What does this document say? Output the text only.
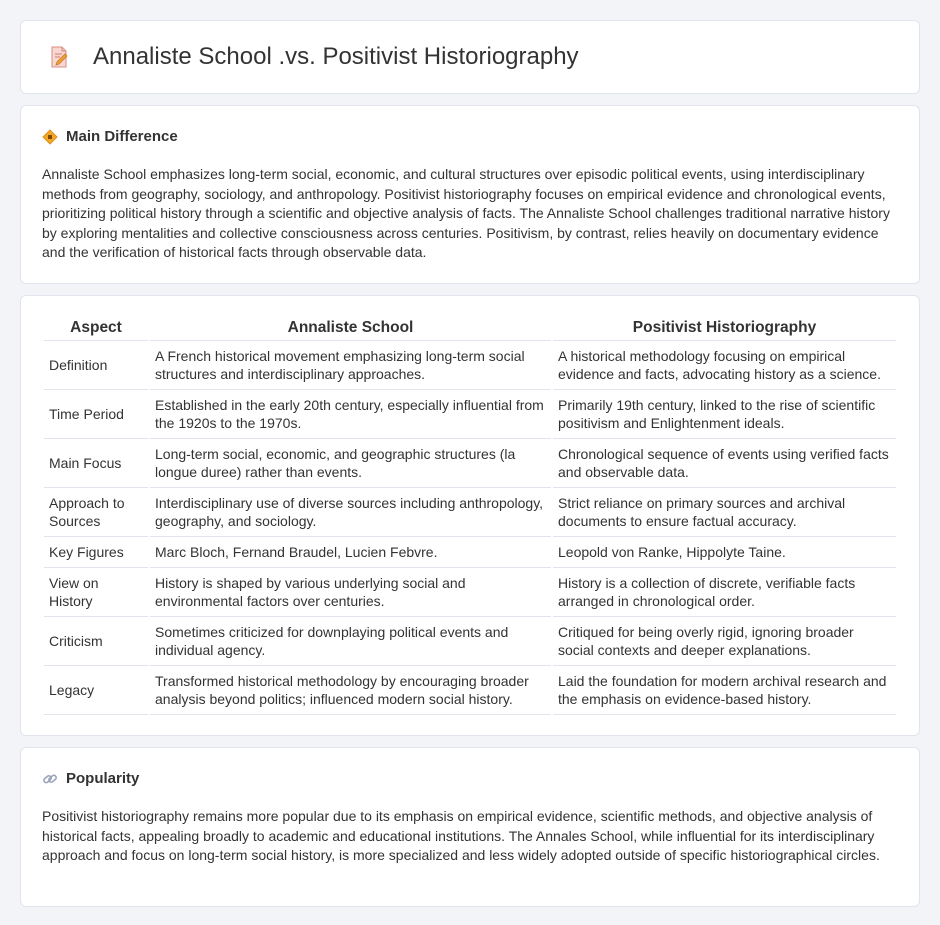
Annaliste School .vs. Positivist Historiography
Main Difference

Annaliste School emphasizes long-term social, economic, and cultural structures over episodic political events, using interdisciplinary methods from geography, sociology, and anthropology. Positivist historiography focuses on empirical evidence and chronological events, prioritizing political history through a scientific and objective analysis of facts. The Annaliste School challenges traditional narrative history by exploring mentalities and collective consciousness across centuries. Positivism, by contrast, relies heavily on documentary evidence and the verification of historical facts through observable data.

Aspect	Annaliste School	Positivist Historiography
Definition	A French historical movement emphasizing long-term social structures and interdisciplinary approaches.	A historical methodology focusing on empirical evidence and facts, advocating history as a science.
Time Period	Established in the early 20th century, especially influential from the 1920s to the 1970s.	Primarily 19th century, linked to the rise of scientific positivism and Enlightenment ideals.
Main Focus	Long-term social, economic, and geographic structures (la longue duree) rather than events.	Chronological sequence of events using verified facts and observable data.
Approach to Sources	Interdisciplinary use of diverse sources including anthropology, geography, and sociology.	Strict reliance on primary sources and archival documents to ensure factual accuracy.
Key Figures	Marc Bloch, Fernand Braudel, Lucien Febvre.	Leopold von Ranke, Hippolyte Taine.
View on History	History is shaped by various underlying social and environmental factors over centuries.	History is a collection of discrete, verifiable facts arranged in chronological order.
Criticism	Sometimes criticized for downplaying political events and individual agency.	Critiqued for being overly rigid, ignoring broader social contexts and deeper explanations.
Legacy	Transformed historical methodology by encouraging broader analysis beyond politics; influenced modern social history.	Laid the foundation for modern archival research and the emphasis on evidence-based history.
Popularity

Positivist historiography remains more popular due to its emphasis on empirical evidence, scientific methods, and objective analysis of historical facts, appealing broadly to academic and educational institutions. The Annales School, while influential for its interdisciplinary approach and focus on long-term social history, is more specialized and less widely adopted outside of specific historiographical circles.
